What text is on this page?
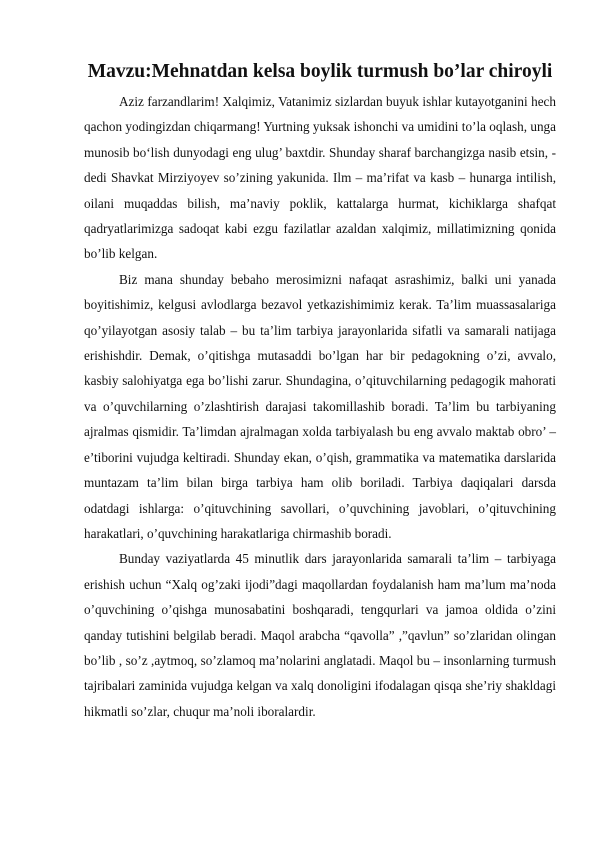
Mavzu:Mehnatdan kelsa boylik turmush bo’lar chiroyli

Aziz farzandlarim! Xalqimiz, Vatanimiz sizlardan buyuk ishlar kutayotganini hech qachon yodingizdan chiqarmang! Yurtning yuksak ishonchi va umidini to’la oqlash, unga munosib bo‘lish dunyodagi eng ulug’ baxtdir. Shunday sharaf barchangizga nasib etsin, - dedi Shavkat Mirziyoyev so’zining yakunida. Ilm – ma’rifat va kasb – hunarga intilish, oilani muqaddas bilish, ma’naviy poklik, kattalarga hurmat, kichiklarga shafqat qadryatlarimizga sadoqat kabi ezgu fazilatlar azaldan xalqimiz, millatimizning qonida bo’lib kelgan.

Biz mana shunday bebaho merosimizni nafaqat asrashimiz, balki uni yanada boyitishimiz, kelgusi avlodlarga bezavol yetkazishimimiz kerak. Ta’lim muassasalariga qo’yilayotgan asosiy talab – bu ta’lim tarbiya jarayonlarida sifatli va samarali natijaga erishishdir. Demak, o’qitishga mutasaddi bo’lgan har bir pedagokning o’zi, avvalo, kasbiy salohiyatga ega bo’lishi zarur. Shundagina, o’qituvchilarning pedagogik mahorati va o’quvchilarning o’zlashtirish darajasi takomillashib boradi. Ta’lim bu tarbiyaning ajralmas qismidir. Ta’limdan ajralmagan xolda tarbiyalash bu eng avvalo maktab obro’ – e’tiborini vujudga keltiradi. Shunday ekan, o’qish, grammatika va matematika darslarida muntazam ta’lim bilan birga tarbiya ham olib boriladi. Tarbiya daqiqalari darsda odatdagi ishlarga: o’qituvchining savollari, o’quvchining javoblari, o’qituvchining harakatlari, o’quvchining harakatlariga chirmashib boradi.

Bunday vaziyatlarda 45 minutlik dars jarayonlarida samarali ta’lim – tarbiyaga erishish uchun “Xalq og’zaki ijodi”dagi maqollardan foydalanish ham ma’lum ma’noda o’quvchining o’qishga munosabatini boshqaradi, tengqurlari va jamoa oldida o’zini qanday tutishini belgilab beradi. Maqol arabcha “qavolla” ,”qavlun” so’zlaridan olingan bo’lib , so’z ,aytmoq, so’zlamoq ma’nolarini anglatadi. Maqol bu – insonlarning turmush tajribalari zaminida vujudga kelgan va xalq donoligini ifodalagan qisqa she’riy shakldagi hikmatli so’zlar, chuqur ma’noli iboralardir.
